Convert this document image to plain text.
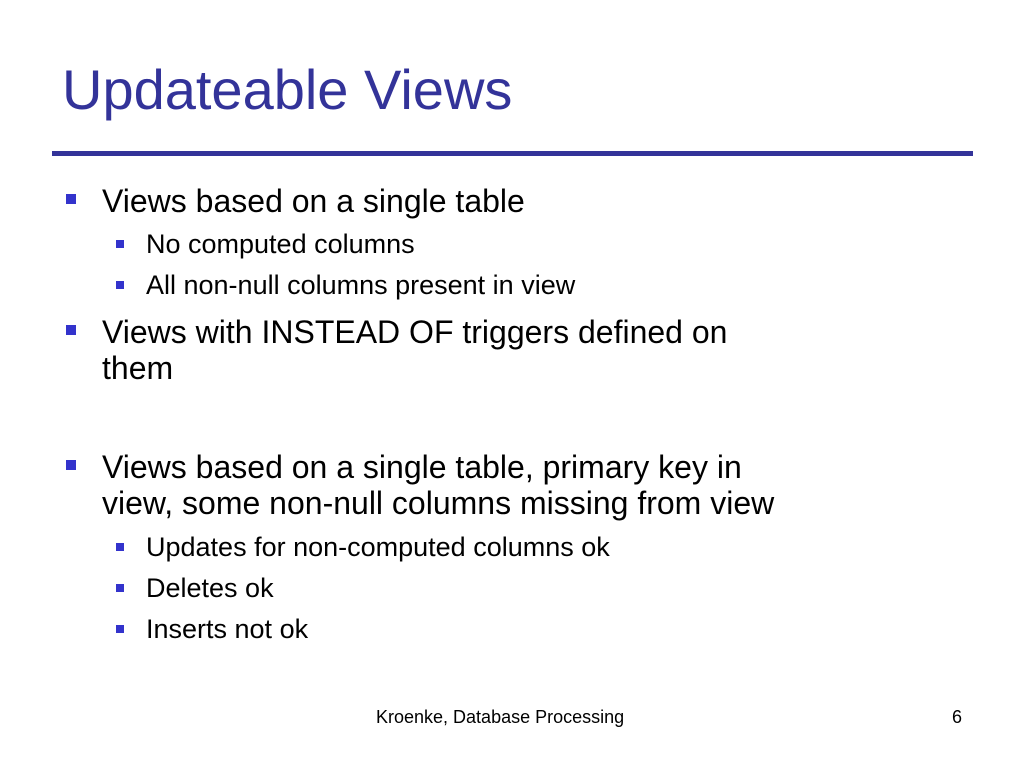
Updateable Views

Views based on a single table

No computed columns

All non-null columns present in view

Views with INSTEAD OF triggers defined on

them

Views based on a single table, primary key in

view, some non-null columns missing from view

Updates for non-computed columns ok

Deletes ok

Inserts not ok

Kroenke, Database Processing	6
